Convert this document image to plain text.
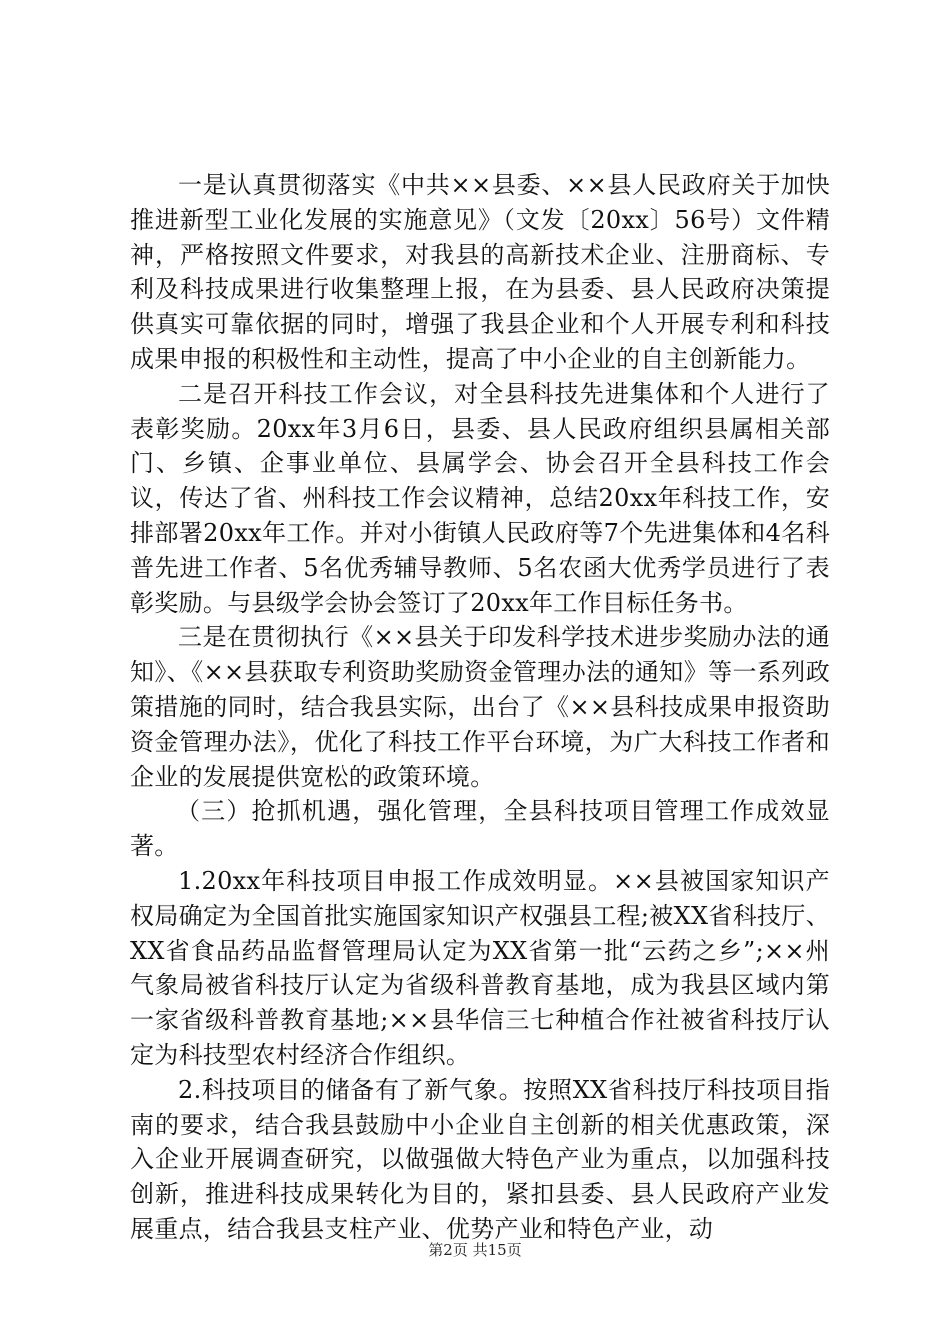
一是认真贯彻落实《中共××县委、××县人民政府关于加快推进新型工业化发展的实施意见》（文发〔20xx〕56号）文件精神，严格按照文件要求，对我县的高新技术企业、注册商标、专利及科技成果进行收集整理上报，在为县委、县人民政府决策提供真实可靠依据的同时，增强了我县企业和个人开展专利和科技成果申报的积极性和主动性，提高了中小企业的自主创新能力。

二是召开科技工作会议，对全县科技先进集体和个人进行了表彰奖励。20xx年3月6日，县委、县人民政府组织县属相关部门、乡镇、企事业单位、县属学会、协会召开全县科技工作会议，传达了省、州科技工作会议精神，总结20xx年科技工作，安排部署20xx年工作。并对小街镇人民政府等7个先进集体和4名科普先进工作者、5名优秀辅导教师、5名农函大优秀学员进行了表彰奖励。与县级学会协会签订了20xx年工作目标任务书。

三是在贯彻执行《××县关于印发科学技术进步奖励办法的通知》、《××县获取专利资助奖励资金管理办法的通知》等一系列政策措施的同时，结合我县实际，出台了《××县科技成果申报资助资金管理办法》，优化了科技工作平台环境，为广大科技工作者和企业的发展提供宽松的政策环境。

（三）抢抓机遇，强化管理，全县科技项目管理工作成效显著。

1.20xx年科技项目申报工作成效明显。××县被国家知识产权局确定为全国首批实施国家知识产权强县工程;被XX省科技厅、XX省食品药品监督管理局认定为XX省第一批“云药之乡”;××州气象局被省科技厅认定为省级科普教育基地，成为我县区域内第一家省级科普教育基地;××县华信三七种植合作社被省科技厅认定为科技型农村经济合作组织。

2.科技项目的储备有了新气象。按照XX省科技厅科技项目指南的要求，结合我县鼓励中小企业自主创新的相关优惠政策，深入企业开展调查研究，以做强做大特色产业为重点，以加强科技创新，推进科技成果转化为目的，紧扣县委、县人民政府产业发展重点，结合我县支柱产业、优势产业和特色产业，动

第2页 共15页
